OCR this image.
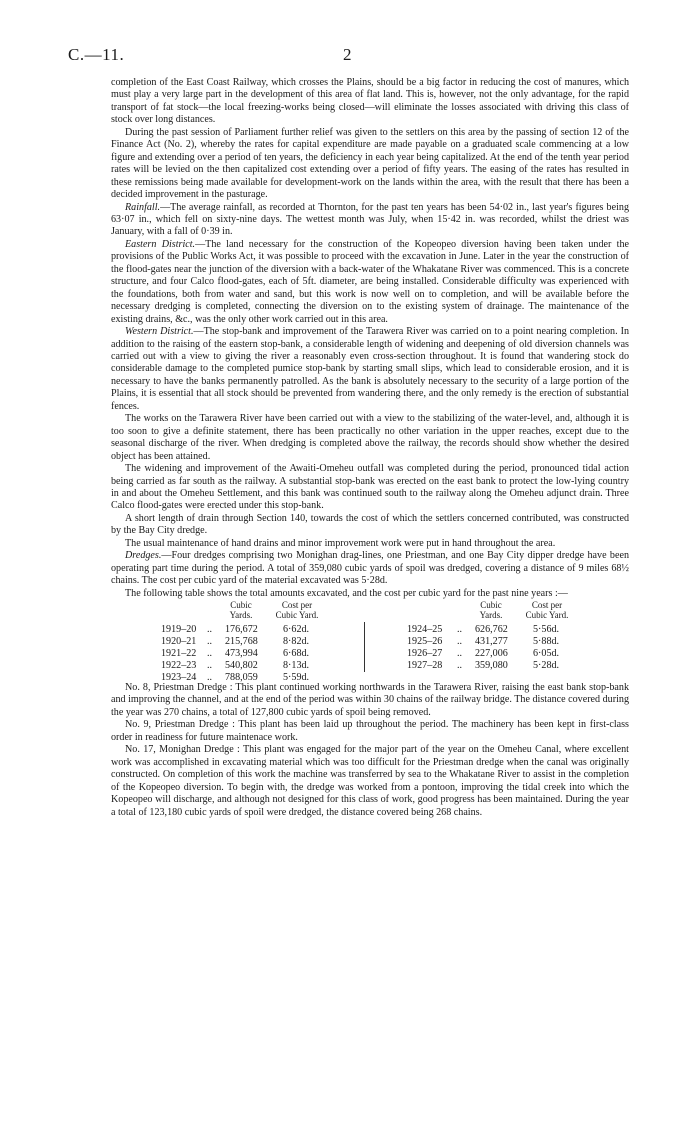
C.—11.	2

completion of the East Coast Railway, which crosses the Plains, should be a big factor in reducing the cost of manures, which must play a very large part in the development of this area of flat land. This is, however, not the only advantage, for the rapid transport of fat stock—the local freezing-works being closed—will eliminate the losses associated with driving this class of stock over long distances.

During the past session of Parliament further relief was given to the settlers on this area by the passing of section 12 of the Finance Act (No. 2), whereby the rates for capital expenditure are made payable on a graduated scale commencing at a low figure and extending over a period of ten years, the deficiency in each year being capitalized. At the end of the tenth year period rates will be levied on the then capitalized cost extending over a period of fifty years. The easing of the rates has resulted in these remissions being made available for development-work on the lands within the area, with the result that there has been a decided improvement in the pasturage.

Rainfall.—The average rainfall, as recorded at Thornton, for the past ten years has been 54·02 in., last year's figures being 63·07 in., which fell on sixty-nine days. The wettest month was July, when 15·42 in. was recorded, whilst the driest was January, with a fall of 0·39 in.

Eastern District.—The land necessary for the construction of the Kopeopeo diversion having been taken under the provisions of the Public Works Act, it was possible to proceed with the excavation in June. Later in the year the construction of the flood-gates near the junction of the diversion with a back-water of the Whakatane River was commenced. This is a concrete structure, and four Calco flood-gates, each of 5ft. diameter, are being installed. Considerable difficulty was experienced with the foundations, both from water and sand, but this work is now well on to completion, and will be available before the necessary dredging is completed, connecting the diversion on to the existing system of drainage. The maintenance of the existing drains, &c., was the only other work carried out in this area.

Western District.—The stop-bank and improvement of the Tarawera River was carried on to a point nearing completion. In addition to the raising of the eastern stop-bank, a considerable length of widening and deepening of old diversion channels was carried out with a view to giving the river a reasonably even cross-section throughout. It is found that wandering stock do considerable damage to the completed pumice stop-bank by starting small slips, which lead to considerable erosion, and it is necessary to have the banks permanently patrolled. As the bank is absolutely necessary to the security of a large portion of the Plains, it is essential that all stock should be prevented from wandering there, and the only remedy is the erection of substantial fences.

The works on the Tarawera River have been carried out with a view to the stabilizing of the water-level, and, although it is too soon to give a definite statement, there has been practically no other variation in the upper reaches, except due to the seasonal discharge of the river. When dredging is completed above the railway, the records should show whether the desired object has been attained.

The widening and improvement of the Awaiti-Omeheu outfall was completed during the period, pronounced tidal action being carried as far south as the railway. A substantial stop-bank was erected on the east bank to protect the low-lying country in and about the Omeheu Settlement, and this bank was continued south to the railway along the Omeheu adjunct drain. Three Calco flood-gates were erected under this stop-bank.

A short length of drain through Section 140, towards the cost of which the settlers concerned contributed, was constructed by the Bay City dredge.

The usual maintenance of hand drains and minor improvement work were put in hand throughout the area.

Dredges.—Four dredges comprising two Monighan drag-lines, one Priestman, and one Bay City dipper dredge have been operating part time during the period. A total of 359,080 cubic yards of spoil was dredged, covering a distance of 9 miles 68½ chains. The cost per cubic yard of the material excavated was 5·28d.

The following table shows the total amounts excavated, and the cost per cubic yard for the past nine years :—

Cubic Yards.
Cost per Cubic Yard.
Cubic Yards.
Cost per Cubic Yard.
1919–20 .. 176,672 6·62d.
1920–21 .. 215,768 8·82d.
1921–22 .. 473,994 6·68d.
1922–23 .. 540,802 8·13d.
1923–24 .. 788,059 5·59d.
1924–25 .. 626,762 5·56d.
1925–26 .. 431,277 5·88d.
1926–27 .. 227,006 6·05d.
1927–28 .. 359,080 5·28d.

No. 8, Priestman Dredge : This plant continued working northwards in the Tarawera River, raising the east bank stop-bank and improving the channel, and at the end of the period was within 30 chains of the railway bridge. The distance covered during the year was 270 chains, a total of 127,800 cubic yards of spoil being removed.

No. 9, Priestman Dredge : This plant has been laid up throughout the period. The machinery has been kept in first-class order in readiness for future maintenace work.

No. 17, Monighan Dredge : This plant was engaged for the major part of the year on the Omeheu Canal, where excellent work was accomplished in excavating material which was too difficult for the Priestman dredge when the canal was originally constructed. On completion of this work the machine was transferred by sea to the Whakatane River to assist in the completion of the Kopeopeo diversion. To begin with, the dredge was worked from a pontoon, improving the tidal creek into which the Kopeopeo will discharge, and although not designed for this class of work, good progress has been maintained. During the year a total of 123,180 cubic yards of spoil were dredged, the distance covered being 268 chains.
